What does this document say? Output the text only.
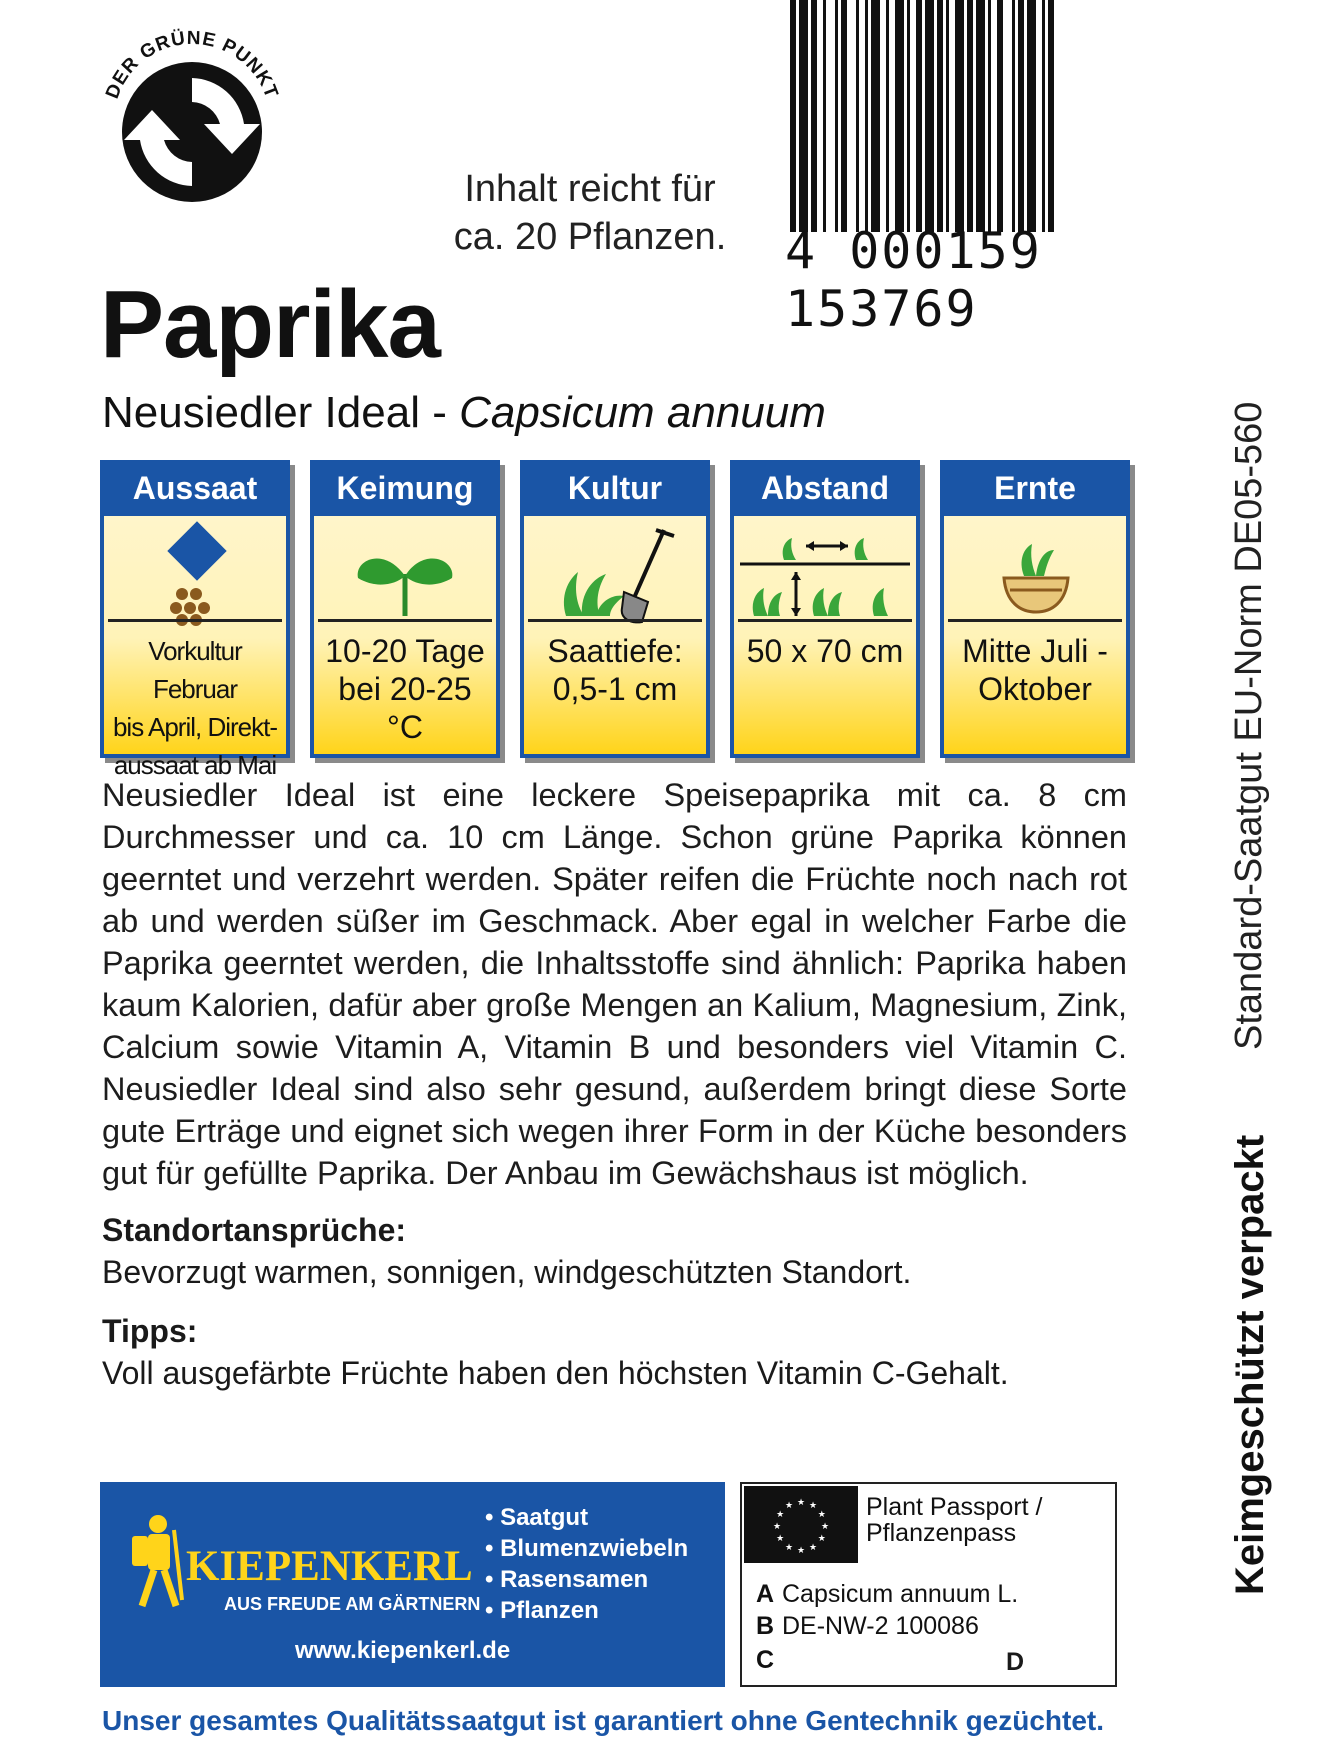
DER GRÜNE PUNKT
Inhalt reicht für
ca. 20 Pflanzen.	4 000159 153769
Paprika
Neusiedler Ideal - Capsicum annuum	Standard-Saatgut EU-Norm DE05-560
Keimgeschützt verpackt
Aussaat
Vorkultur Februar
bis April, Direkt-
aussaat ab Mai
Keimung
10-20 Tage
bei 20-25 °C
Kultur
Saattiefe:
0,5-1 cm
Abstand
50 x 70 cm
Ernte
Mitte Juli -
Oktober

Neusiedler Ideal ist eine leckere Speisepaprika mit ca. 8 cm Durchmesser und ca. 10 cm Länge. Schon grüne Paprika können geerntet und verzehrt werden. Später reifen die Früchte noch nach rot ab und werden süßer im Geschmack. Aber egal in welcher Farbe die Paprika geerntet werden, die Inhaltsstoffe sind ähnlich: Paprika haben kaum Kalorien, dafür aber große Mengen an Kalium, Magnesium, Zink, Calcium sowie Vitamin A, Vitamin B und besonders viel Vitamin C. Neusiedler Ideal sind also sehr gesund, außerdem bringt diese Sorte gute Erträge und eignet sich wegen ihrer Form in der Küche besonders gut für gefüllte Paprika. Der Anbau im Gewächshaus ist möglich.

Standortansprüche:
Bevorzugt warmen, sonnigen, windgeschützten Standort.
Tipps:
Voll ausgefärbte Früchte haben den höchsten Vitamin C-Gehalt.
KIEPENKERL
AUS FREUDE AM GÄRTNERN
• Saatgut
• Blumenzwiebeln
• Rasensamen
• Pflanzen
www.kiepenkerl.de
★
★
★
★
★
★
★
★
★ ★ ★
★ Plant Passport /
Pflanzenpass
A Capsicum annuum L.
B DE-NW-2 100086
C	D
Unser gesamtes Qualitätssaatgut ist garantiert ohne Gentechnik gezüchtet.
